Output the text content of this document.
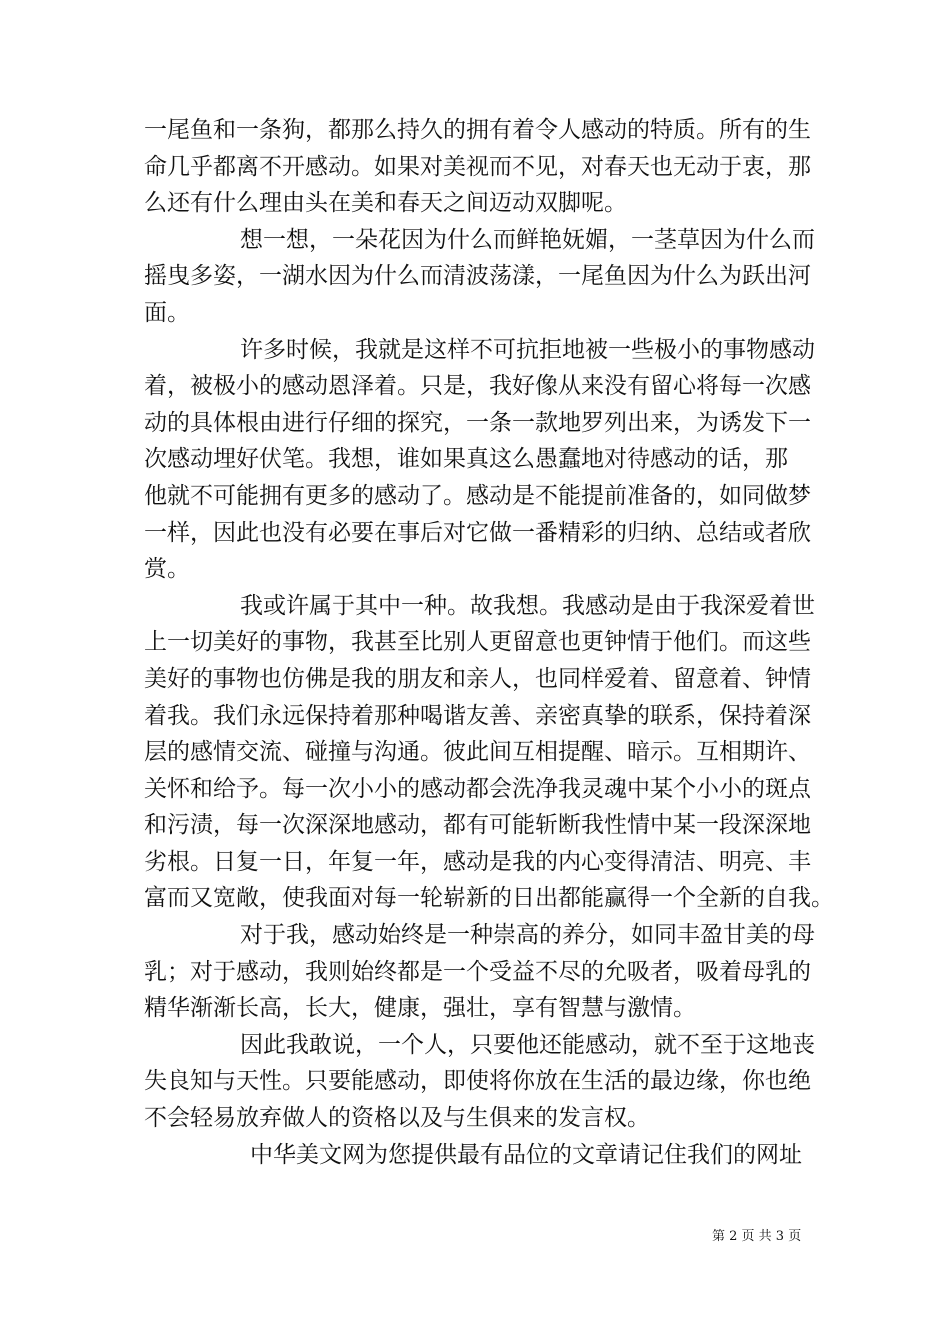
一尾鱼和一条狗，都那么持久的拥有着令人感动的特质。所有的生
命几乎都离不开感动。如果对美视而不见，对春天也无动于衷，那
么还有什么理由头在美和春天之间迈动双脚呢。
想一想，一朵花因为什么而鲜艳妩媚，一茎草因为什么而
摇曳多姿，一湖水因为什么而清波荡漾，一尾鱼因为什么为跃出河
面。
许多时候，我就是这样不可抗拒地被一些极小的事物感动
着，被极小的感动恩泽着。只是，我好像从来没有留心将每一次感
动的具体根由进行仔细的探究，一条一款地罗列出来，为诱发下一
次感动埋好伏笔。我想，谁如果真这么愚蠢地对待感动的话，那
他就不可能拥有更多的感动了。感动是不能提前准备的，如同做梦
一样，因此也没有必要在事后对它做一番精彩的归纳、总结或者欣
赏。
我或许属于其中一种。故我想。我感动是由于我深爱着世
上一切美好的事物，我甚至比别人更留意也更钟情于他们。而这些
美好的事物也仿佛是我的朋友和亲人，也同样爱着、留意着、钟情
着我。我们永远保持着那种喝谐友善、亲密真挚的联系，保持着深
层的感情交流、碰撞与沟通。彼此间互相提醒、暗示。互相期许、
关怀和给予。每一次小小的感动都会洗净我灵魂中某个小小的斑点
和污渍，每一次深深地感动，都有可能斩断我性情中某一段深深地
劣根。日复一日，年复一年，感动是我的内心变得清洁、明亮、丰
富而又宽敞，使我面对每一轮崭新的日出都能赢得一个全新的自我。
对于我，感动始终是一种崇高的养分，如同丰盈甘美的母
乳；对于感动，我则始终都是一个受益不尽的允吸者，吸着母乳的
精华渐渐长高，长大，健康，强壮，享有智慧与激情。
因此我敢说，一个人，只要他还能感动，就不至于这地丧
失良知与天性。只要能感动，即使将你放在生活的最边缘，你也绝
不会轻易放弃做人的资格以及与生俱来的发言权。
中华美文网为您提供最有品位的文章请记住我们的网址
第 2 页 共 3 页
